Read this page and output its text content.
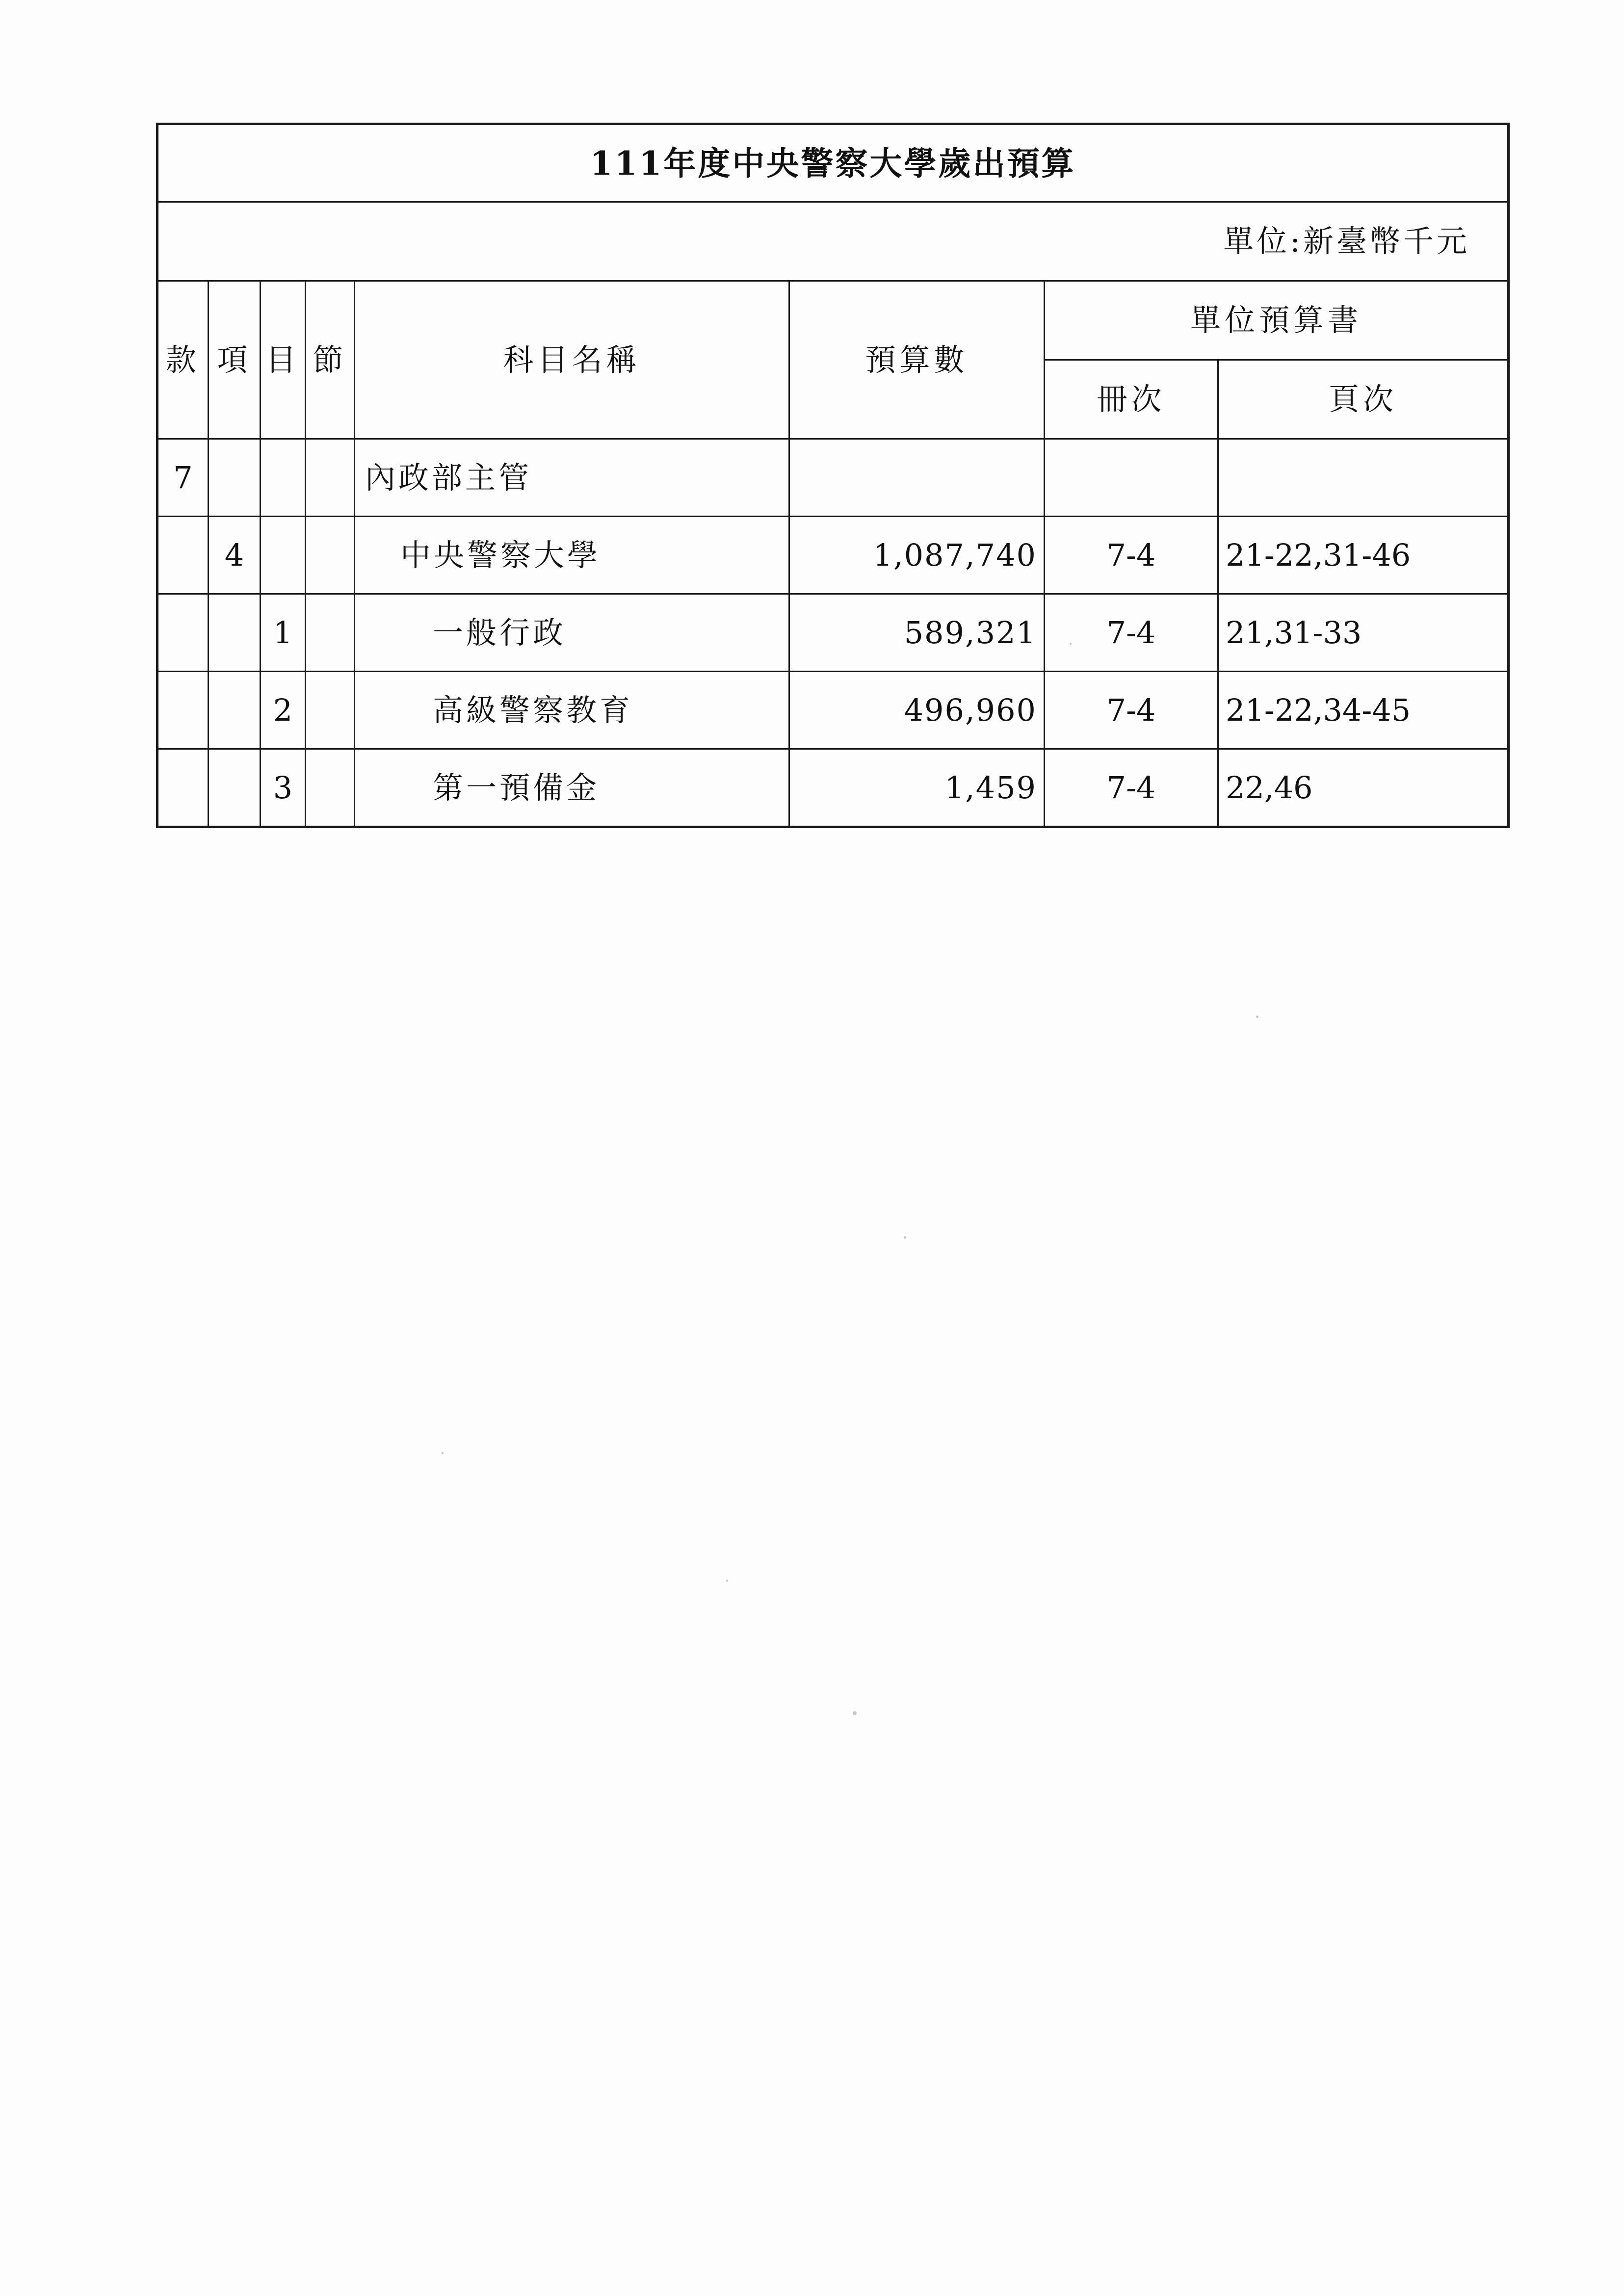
111年度中央警察大學歲出預算							
單位:新臺幣千元							
款	項	目	節	科目名稱	預算數	單位預算書	
						冊次	頁次
7				內政部主管			
	4			中央警察大學	1,087,740	7-4	21-22,31-46
		1		一般行政	589,321	7-4	21,31-33
		2		高級警察教育	496,960	7-4	21-22,34-45
		3		第一預備金	1,459	7-4	22,46
